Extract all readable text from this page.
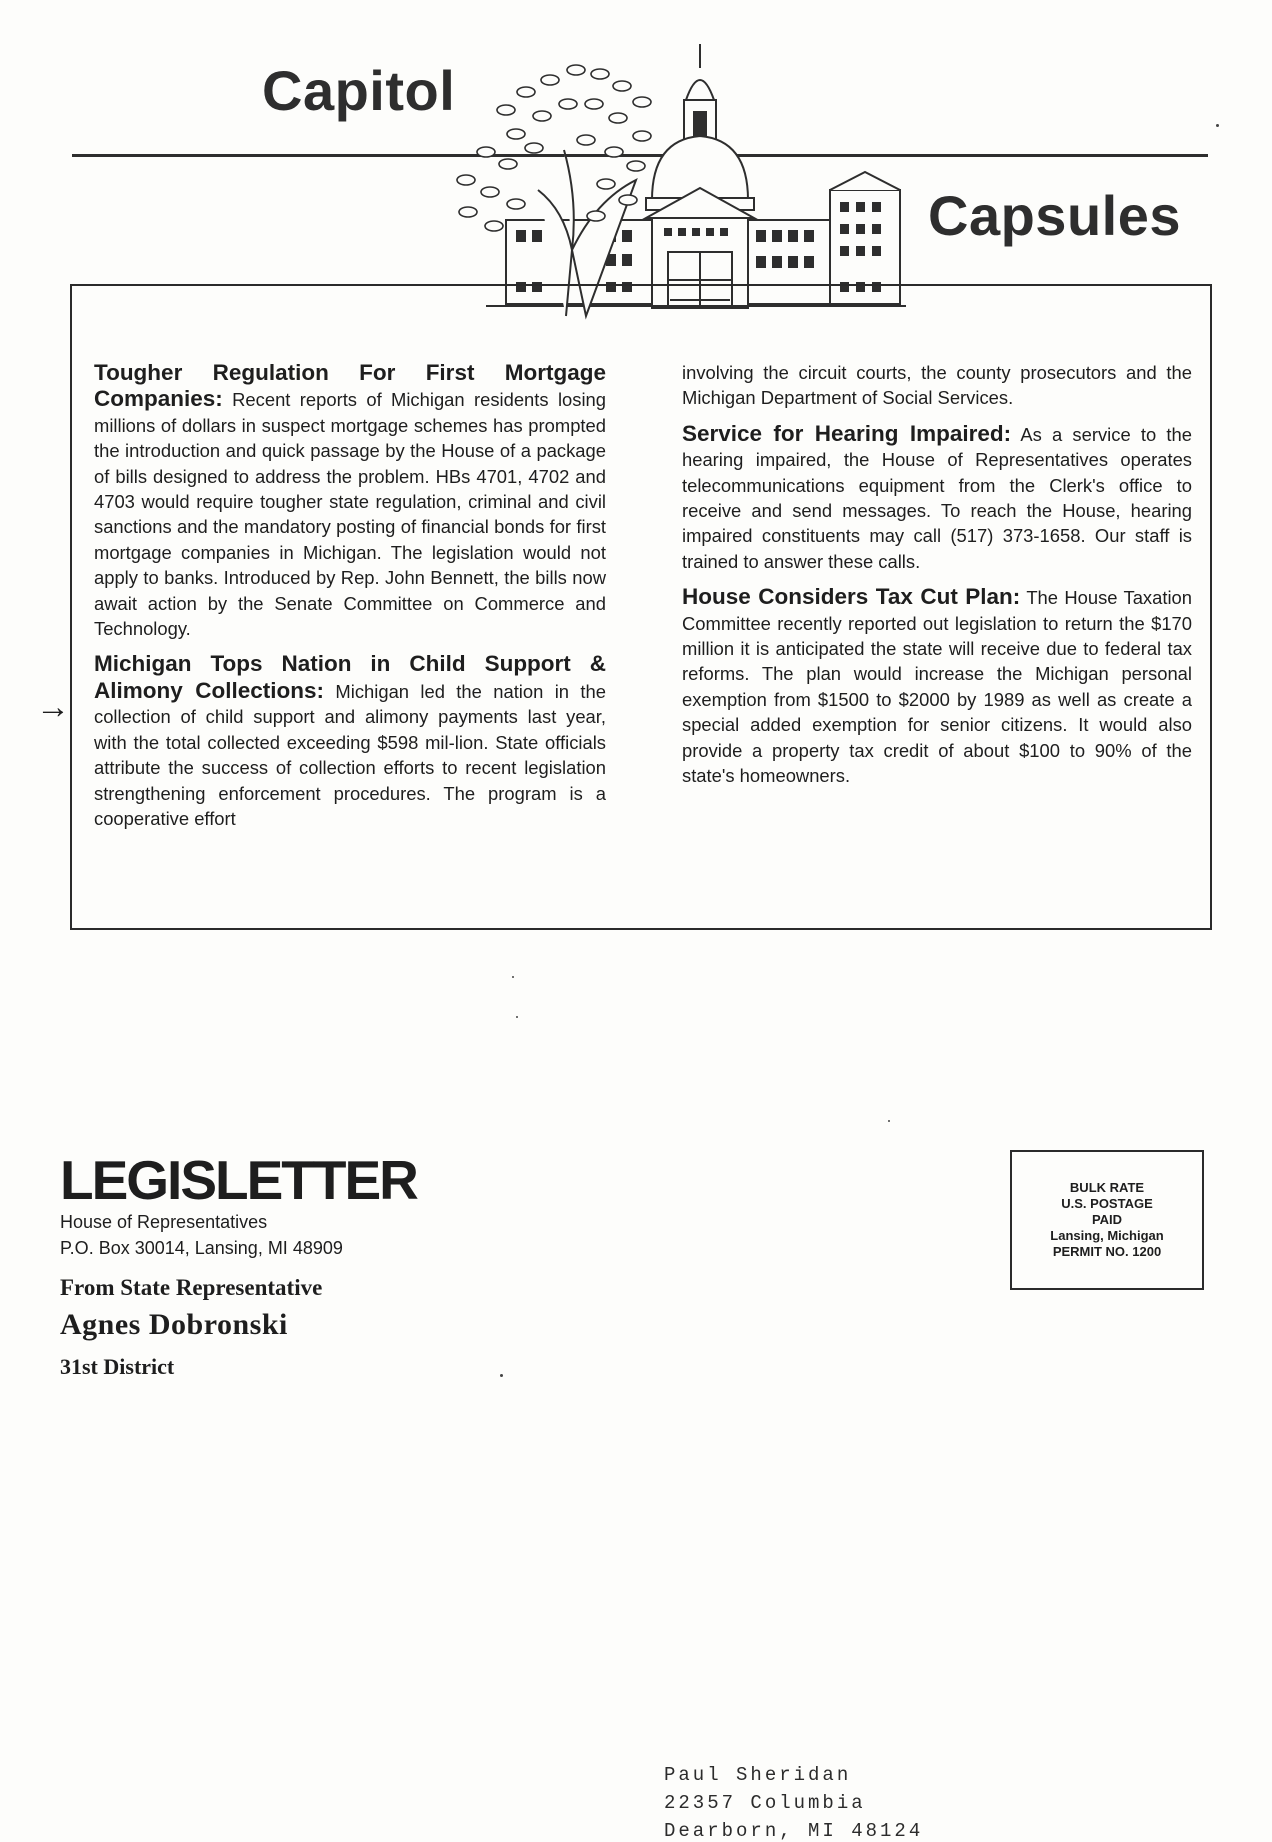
Capitol
Capsules
→

Tougher Regulation For First Mortgage Companies: Recent reports of Michigan residents losing millions of dollars in suspect mortgage schemes has prompted the introduction and quick passage by the House of a package of bills designed to address the problem. HBs 4701, 4702 and 4703 would require tougher state regulation, criminal and civil sanctions and the mandatory posting of financial bonds for first mortgage companies in Michigan. The legislation would not apply to banks. Introduced by Rep. John Bennett, the bills now await action by the Senate Committee on Commerce and Technology.

Michigan Tops Nation in Child Support & Alimony Collections: Michigan led the nation in the collection of child support and alimony payments last year, with the total collected exceeding $598 mil-lion. State officials attribute the success of collection efforts to recent legislation strengthening enforcement procedures. The program is a cooperative effort

involving the circuit courts, the county prosecutors and the Michigan Department of Social Services.

Service for Hearing Impaired: As a service to the hearing impaired, the House of Representatives operates telecommunications equipment from the Clerk's office to receive and send messages. To reach the House, hearing impaired constituents may call (517) 373-1658. Our staff is trained to answer these calls.

House Considers Tax Cut Plan: The House Taxation Committee recently reported out legislation to return the $170 million it is anticipated the state will receive due to federal tax reforms. The plan would increase the Michigan personal exemption from $1500 to $2000 by 1989 as well as create a special added exemption for senior citizens. It would also provide a property tax credit of about $100 to 90% of the state's homeowners.

LEGISLETTER
House of Representatives
P.O. Box 30014, Lansing, MI 48909
From State Representative
Agnes Dobronski
31st District
BULK RATE
U.S. POSTAGE
PAID
Lansing, Michigan
PERMIT NO. 1200
Paul Sheridan
22357 Columbia
Dearborn, MI 48124
